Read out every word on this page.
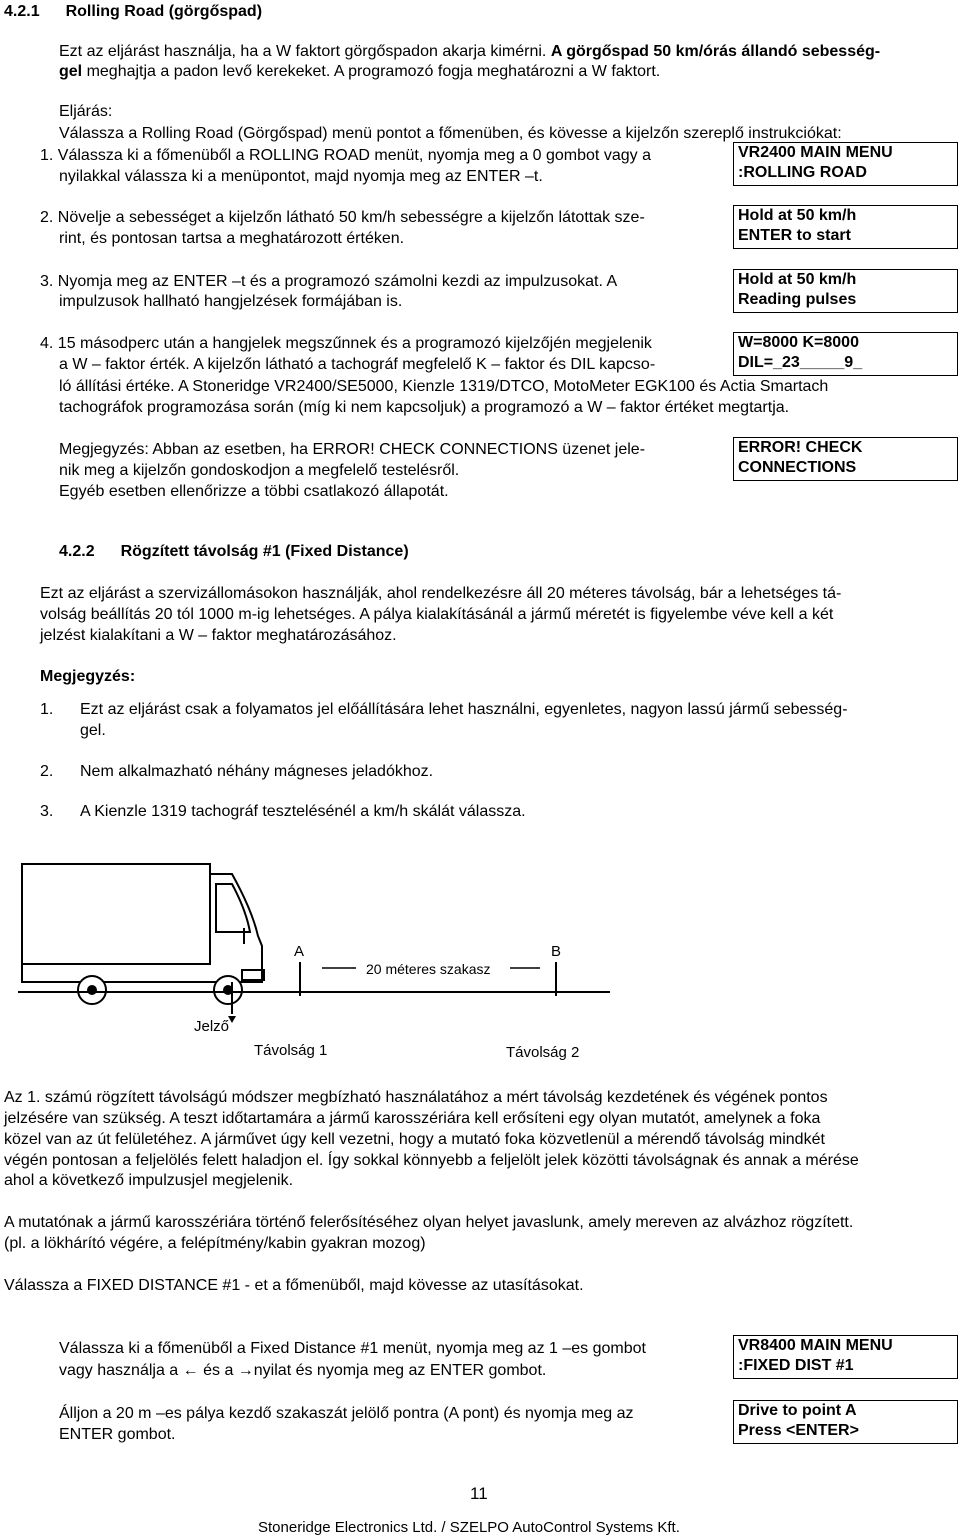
4.2.1 Rolling Road (görgőspad)
Ezt az eljárást használja, ha a W faktort görgőspadon akarja kimérni. A görgőspad 50 km/órás állandó sebesség-
gel meghajtja a padon levő kerekeket. A programozó fogja meghatározni a W faktort.
Eljárás:
Válassza a Rolling Road (Görgőspad) menü pontot a főmenüben, és kövesse a kijelzőn szereplő instrukciókat:
1. Válassza ki a főmenüből a ROLLING ROAD menüt, nyomja meg a 0 gombot vagy a
nyilakkal válassza ki a menüpontot, majd nyomja meg az ENTER –t.
VR2400 MAIN MENU
:ROLLING ROAD
2. Növelje a sebességet a kijelzőn látható 50 km/h sebességre a kijelzőn látottak sze-
rint, és pontosan tartsa a meghatározott értéken.
Hold at 50 km/h
ENTER to start
3. Nyomja meg az ENTER –t és a programozó számolni kezdi az impulzusokat. A
impulzusok hallható hangjelzések formájában is.
Hold at 50 km/h
Reading pulses
4. 15 másodperc után a hangjelek megszűnnek és a programozó kijelzőjén megjelenik
a W – faktor érték. A kijelzőn látható a tachográf megfelelő K – faktor és DIL kapcso-
ló állítási értéke. A Stoneridge VR2400/SE5000, Kienzle 1319/DTCO, MotoMeter EGK100 és Actia Smartach
tachográfok programozása során (míg ki nem kapcsoljuk) a programozó a W – faktor értéket megtartja.
W=8000 K=8000
DIL=_23_____9_
Megjegyzés: Abban az esetben, ha ERROR! CHECK CONNECTIONS üzenet jele-
nik meg a kijelzőn gondoskodjon a megfelelő testelésről.
Egyéb esetben ellenőrizze a többi csatlakozó állapotát.
ERROR! CHECK
CONNECTIONS
4.2.2 Rögzített távolság #1 (Fixed Distance)
Ezt az eljárást a szervizállomásokon használják, ahol rendelkezésre áll 20 méteres távolság, bár a lehetséges tá-
volság beállítás 20 tól 1000 m-ig lehetséges. A pálya kialakításánál a jármű méretét is figyelembe véve kell a két
jelzést kialakítani a W – faktor meghatározásához.
Megjegyzés:
1. Ezt az eljárást csak a folyamatos jel előállítására lehet használni, egyenletes, nagyon lassú jármű sebesség-
gel.
2. Nem alkalmazható néhány mágneses jeladókhoz.
3. A Kienzle 1319 tachográf tesztelésénél a km/h skálát válassza.
A	B
20 méteres szakasz
Jelző
Távolság 1	Távolság 2
Az 1. számú rögzített távolságú módszer megbízható használatához a mért távolság kezdetének és végének pontos
jelzésére van szükség. A teszt időtartamára a jármű karosszériára kell erősíteni egy olyan mutatót, amelynek a foka
közel van az út felületéhez. A járművet úgy kell vezetni, hogy a mutató foka közvetlenül a mérendő távolság mindkét
végén pontosan a feljelölés felett haladjon el. Így sokkal könnyebb a feljelölt jelek közötti távolságnak és annak a mérése
ahol a következő impulzusjel megjelenik.
A mutatónak a jármű karosszériára történő felerősítéséhez olyan helyet javaslunk, amely mereven az alvázhoz rögzített.
(pl. a lökhárító végére, a felépítmény/kabin gyakran mozog)
Válassza a FIXED DISTANCE #1 - et a főmenüből, majd kövesse az utasításokat.
Válassza ki a főmenüből a Fixed Distance #1 menüt, nyomja meg az 1 –es gombot
vagy használja a ← és a →nyilat és nyomja meg az ENTER gombot.
VR8400 MAIN MENU
:FIXED DIST #1
Álljon a 20 m –es pálya kezdő szakaszát jelölő pontra (A pont) és nyomja meg az
ENTER gombot.
Drive to point A
Press <ENTER>
11
Stoneridge Electronics Ltd. / SZELPO AutoControl Systems Kft.
